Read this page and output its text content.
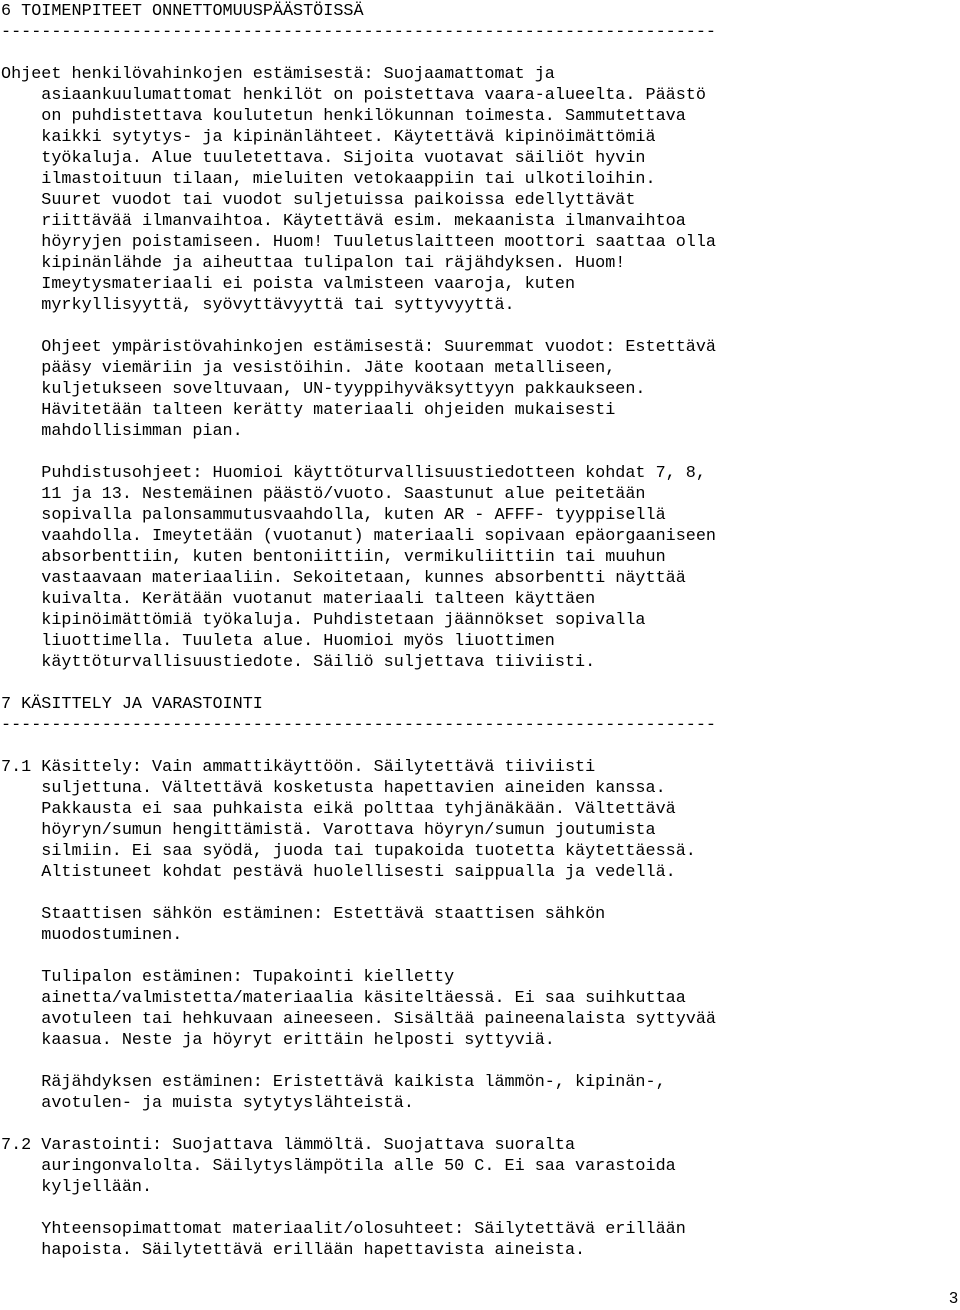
6 TOIMENPITEET ONNETTOMUUSPÄÄSTÖISSÄ
-----------------------------------------------------------------------
Ohjeet henkilövahinkojen estämisestä: Suojaamattomat ja
asiaankuulumattomat henkilöt on poistettava vaara-alueelta. Päästö
on puhdistettava koulutetun henkilökunnan toimesta. Sammutettava
kaikki sytytys- ja kipinänlähteet. Käytettävä kipinöimättömiä
työkaluja. Alue tuuletettava. Sijoita vuotavat säiliöt hyvin
ilmastoituun tilaan, mieluiten vetokaappiin tai ulkotiloihin.
Suuret vuodot tai vuodot suljetuissa paikoissa edellyttävät
riittävää ilmanvaihtoa. Käytettävä esim. mekaanista ilmanvaihtoa
höyryjen poistamiseen. Huom! Tuuletuslaitteen moottori saattaa olla
kipinänlähde ja aiheuttaa tulipalon tai räjähdyksen. Huom!
Imeytysmateriaali ei poista valmisteen vaaroja, kuten
myrkyllisyyttä, syövyttävyyttä tai syttyvyyttä.
Ohjeet ympäristövahinkojen estämisestä: Suuremmat vuodot: Estettävä
pääsy viemäriin ja vesistöihin. Jäte kootaan metalliseen,
kuljetukseen soveltuvaan, UN-tyyppihyväksyttyyn pakkaukseen.
Hävitetään talteen kerätty materiaali ohjeiden mukaisesti
mahdollisimman pian.
Puhdistusohjeet: Huomioi käyttöturvallisuustiedotteen kohdat 7, 8,
11 ja 13. Nestemäinen päästö/vuoto. Saastunut alue peitetään
sopivalla palonsammutusvaahdolla, kuten AR - AFFF- tyyppisellä
vaahdolla. Imeytetään (vuotanut) materiaali sopivaan epäorgaaniseen
absorbenttiin, kuten bentoniittiin, vermikuliittiin tai muuhun
vastaavaan materiaaliin. Sekoitetaan, kunnes absorbentti näyttää
kuivalta. Kerätään vuotanut materiaali talteen käyttäen
kipinöimättömiä työkaluja. Puhdistetaan jäännökset sopivalla
liuottimella. Tuuleta alue. Huomioi myös liuottimen
käyttöturvallisuustiedote. Säiliö suljettava tiiviisti.
7 KÄSITTELY JA VARASTOINTI
-----------------------------------------------------------------------
7.1 Käsittely: Vain ammattikäyttöön. Säilytettävä tiiviisti
suljettuna. Vältettävä kosketusta hapettavien aineiden kanssa.
Pakkausta ei saa puhkaista eikä polttaa tyhjänäkään. Vältettävä
höyryn/sumun hengittämistä. Varottava höyryn/sumun joutumista
silmiin. Ei saa syödä, juoda tai tupakoida tuotetta käytettäessä.
Altistuneet kohdat pestävä huolellisesti saippualla ja vedellä.
Staattisen sähkön estäminen: Estettävä staattisen sähkön
muodostuminen.
Tulipalon estäminen: Tupakointi kielletty
ainetta/valmistetta/materiaalia käsiteltäessä. Ei saa suihkuttaa
avotuleen tai hehkuvaan aineeseen. Sisältää paineenalaista syttyvää
kaasua. Neste ja höyryt erittäin helposti syttyviä.
Räjähdyksen estäminen: Eristettävä kaikista lämmön-, kipinän-,
avotulen- ja muista sytytyslähteistä.
7.2 Varastointi: Suojattava lämmöltä. Suojattava suoralta
auringonvalolta. Säilytyslämpötila alle 50 C. Ei saa varastoida
kyljellään.
Yhteensopimattomat materiaalit/olosuhteet: Säilytettävä erillään
hapoista. Säilytettävä erillään hapettavista aineista.
3
